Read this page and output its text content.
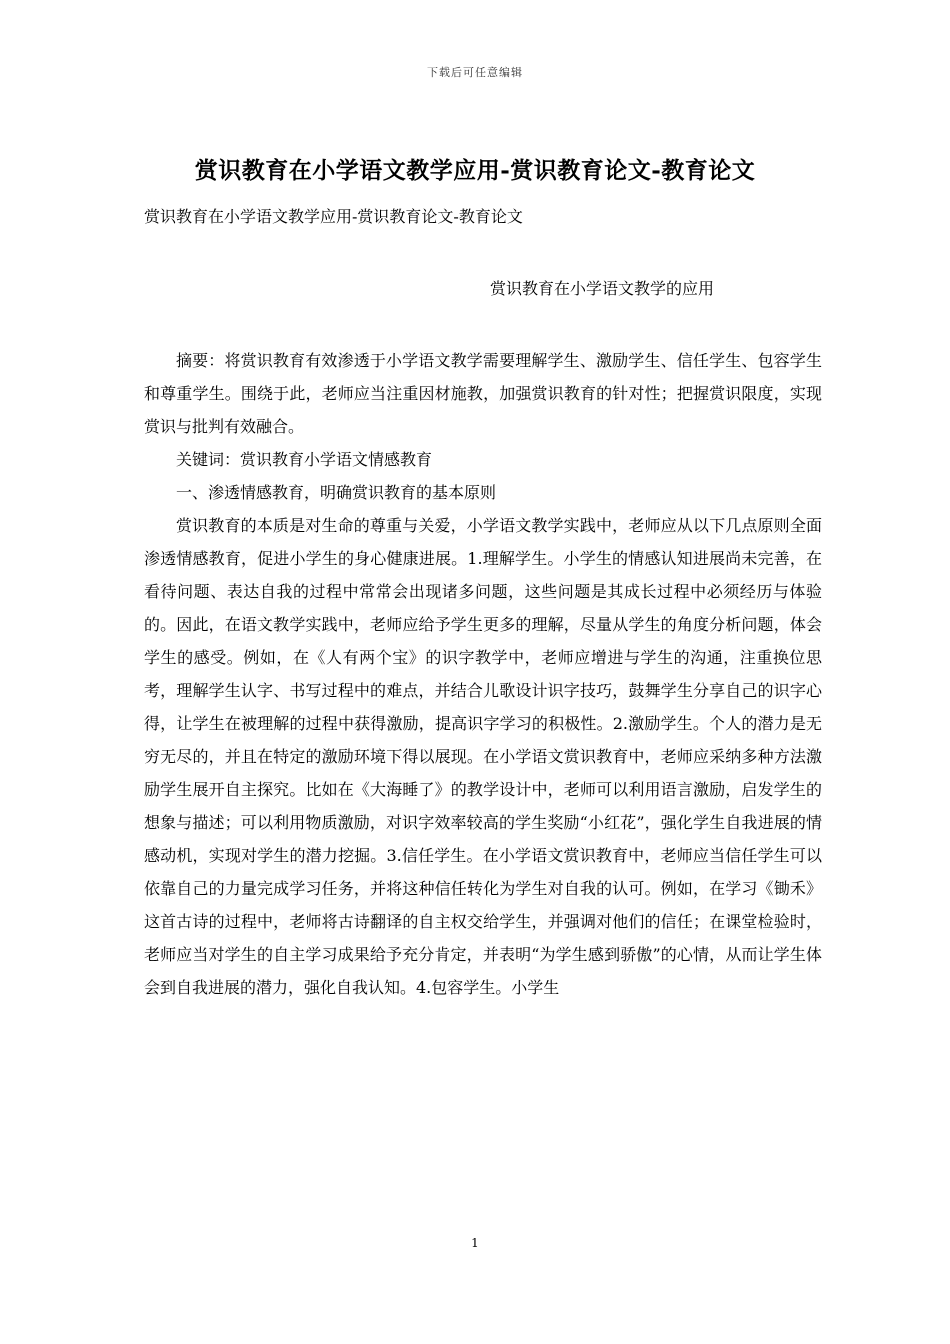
下载后可任意编辑
赏识教育在小学语文教学应用-赏识教育论文-教育论文
赏识教育在小学语文教学应用-赏识教育论文-教育论文
赏识教育在小学语文教学的应用

摘要：将赏识教育有效渗透于小学语文教学需要理解学生、激励学生、信任学生、包容学生和尊重学生。围绕于此，老师应当注重因材施教，加强赏识教育的针对性；把握赏识限度，实现赏识与批判有效融合。

关键词：赏识教育小学语文情感教育

一、渗透情感教育，明确赏识教育的基本原则

赏识教育的本质是对生命的尊重与关爱，小学语文教学实践中，老师应从以下几点原则全面渗透情感教育，促进小学生的身心健康进展。1.理解学生。小学生的情感认知进展尚未完善，在看待问题、表达自我的过程中常常会出现诸多问题，这些问题是其成长过程中必须经历与体验的。因此，在语文教学实践中，老师应给予学生更多的理解，尽量从学生的角度分析问题，体会学生的感受。例如，在《人有两个宝》的识字教学中，老师应增进与学生的沟通，注重换位思考，理解学生认字、书写过程中的难点，并结合儿歌设计识字技巧，鼓舞学生分享自己的识字心得，让学生在被理解的过程中获得激励，提高识字学习的积极性。2.激励学生。个人的潜力是无穷无尽的，并且在特定的激励环境下得以展现。在小学语文赏识教育中，老师应采纳多种方法激励学生展开自主探究。比如在《大海睡了》的教学设计中，老师可以利用语言激励，启发学生的想象与描述；可以利用物质激励，对识字效率较高的学生奖励“小红花”，强化学生自我进展的情感动机，实现对学生的潜力挖掘。3.信任学生。在小学语文赏识教育中，老师应当信任学生可以依靠自己的力量完成学习任务，并将这种信任转化为学生对自我的认可。例如，在学习《锄禾》这首古诗的过程中，老师将古诗翻译的自主权交给学生，并强调对他们的信任；在课堂检验时，老师应当对学生的自主学习成果给予充分肯定，并表明“为学生感到骄傲”的心情，从而让学生体会到自我进展的潜力，强化自我认知。4.包容学生。小学生

1
